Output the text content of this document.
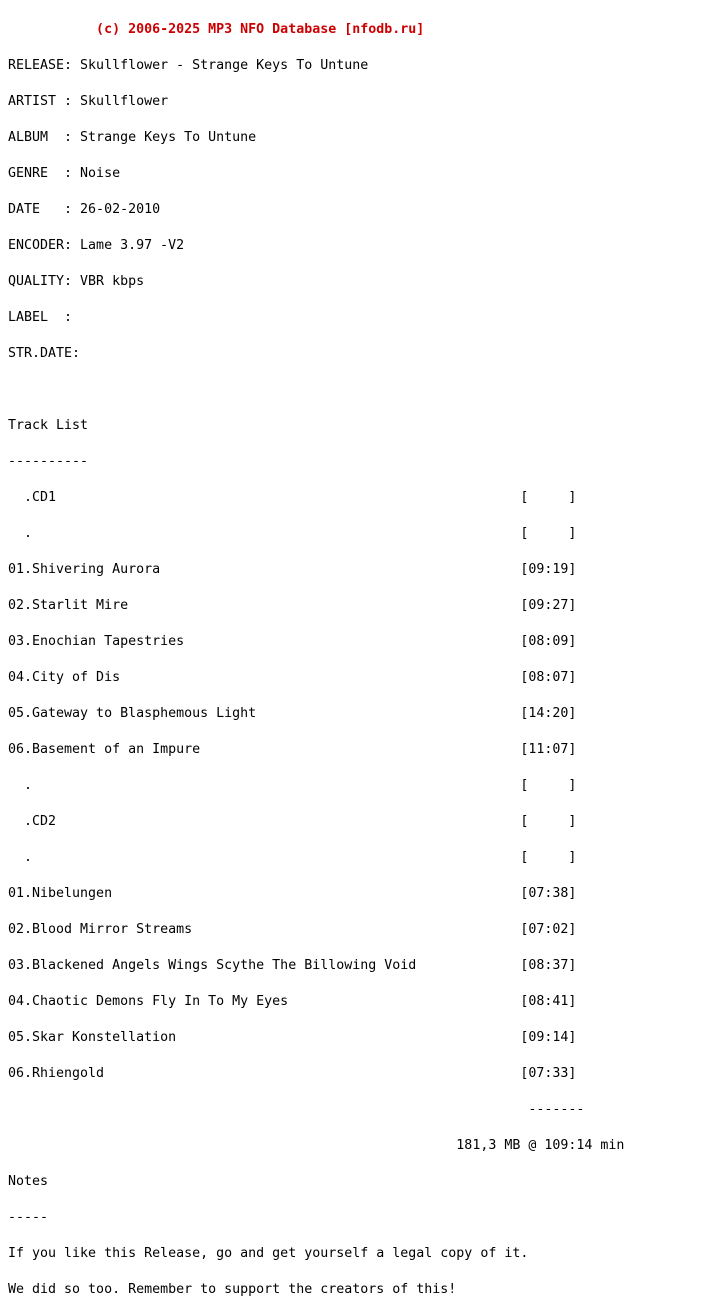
(c) 2006-2025 MP3 NFO Database [nfodb.ru]

RELEASE: Skullflower - Strange Keys To Untune

ARTIST : Skullflower

ALBUM  : Strange Keys To Untune

GENRE  : Noise

DATE   : 26-02-2010

ENCODER: Lame 3.97 -V2

QUALITY: VBR kbps

LABEL  :

STR.DATE:

Track List

----------

.CD1                                                          [     ]

.                                                             [     ]

01.Shivering Aurora                                             [09:19]

02.Starlit Mire                                                 [09:27]

03.Enochian Tapestries                                          [08:09]

04.City of Dis                                                  [08:07]

05.Gateway to Blasphemous Light                                 [14:20]

06.Basement of an Impure                                        [11:07]

.                                                             [     ]

.CD2                                                          [     ]

.                                                             [     ]

01.Nibelungen                                                   [07:38]

02.Blood Mirror Streams                                         [07:02]

03.Blackened Angels Wings Scythe The Billowing Void             [08:37]

04.Chaotic Demons Fly In To My Eyes                             [08:41]

05.Skar Konstellation                                           [09:14]

06.Rhiengold                                                    [07:33]

-------

181,3 MB @ 109:14 min

Notes

-----

If you like this Release, go and get yourself a legal copy of it.

We did so too. Remember to support the creators of this!
